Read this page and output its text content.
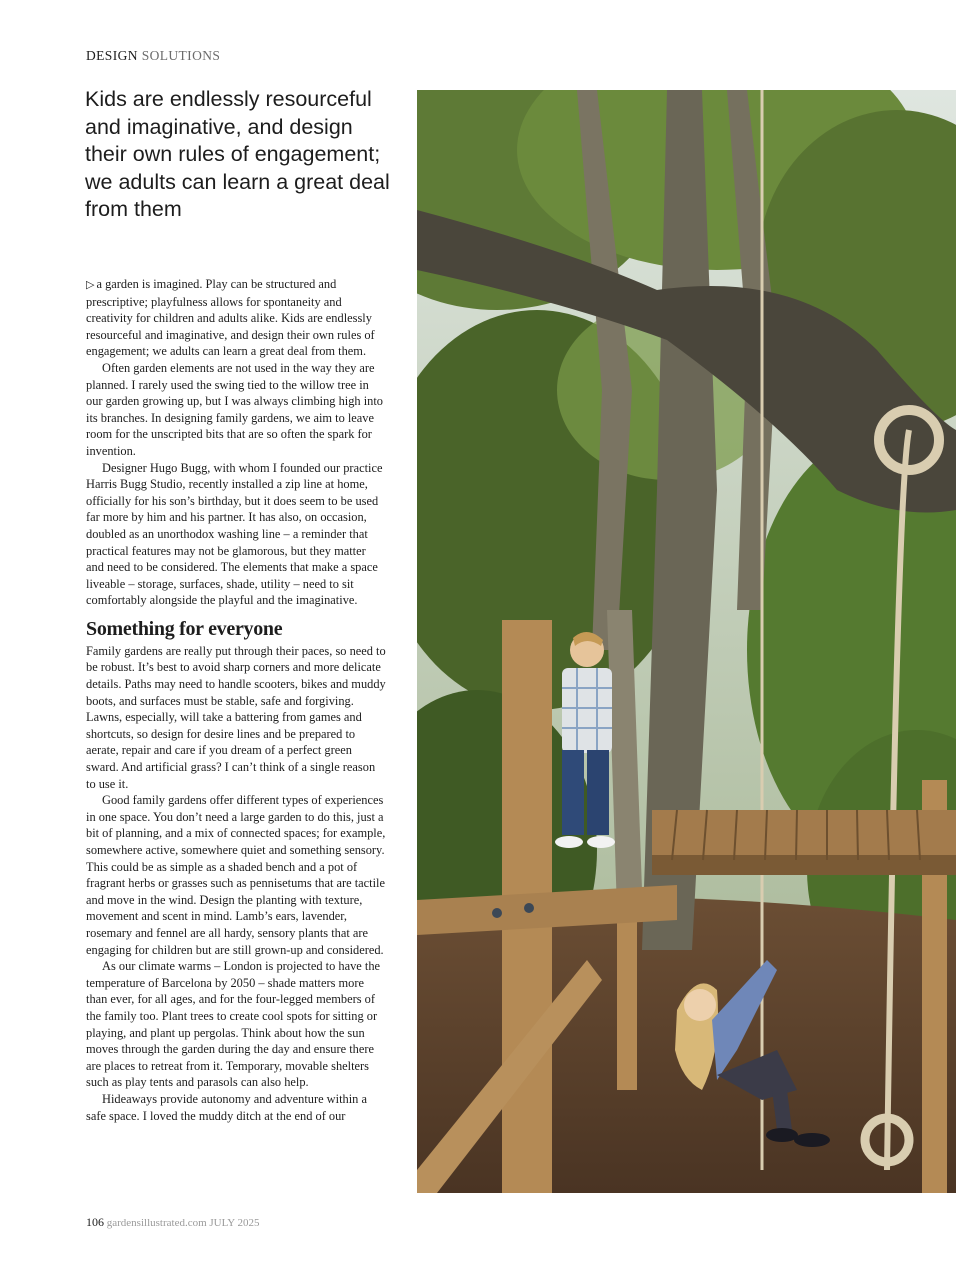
DESIGN SOLUTIONS
Kids are endlessly resourceful and imaginative, and design their own rules of engagement; we adults can learn a great deal from them

▷ a garden is imagined. Play can be structured and prescriptive; playfulness allows for spontaneity and creativity for children and adults alike. Kids are endlessly resourceful and imaginative, and design their own rules of engagement; we adults can learn a great deal from them.

Often garden elements are not used in the way they are planned. I rarely used the swing tied to the willow tree in our garden growing up, but I was always climbing high into its branches. In designing family gardens, we aim to leave room for the unscripted bits that are so often the spark for invention.

Designer Hugo Bugg, with whom I founded our practice Harris Bugg Studio, recently installed a zip line at home, officially for his son’s birthday, but it does seem to be used far more by him and his partner. It has also, on occasion, doubled as an unorthodox washing line – a reminder that practical features may not be glamorous, but they matter and need to be considered. The elements that make a space liveable – storage, surfaces, shade, utility – need to sit comfortably alongside the playful and the imaginative.

Something for everyone

Family gardens are really put through their paces, so need to be robust. It’s best to avoid sharp corners and more delicate details. Paths may need to handle scooters, bikes and muddy boots, and surfaces must be stable, safe and forgiving. Lawns, especially, will take a battering from games and shortcuts, so design for desire lines and be prepared to aerate, repair and care if you dream of a perfect green sward. And artificial grass? I can’t think of a single reason to use it.

Good family gardens offer different types of experiences in one space. You don’t need a large garden to do this, just a bit of planning, and a mix of connected spaces; for example, somewhere active, somewhere quiet and something sensory. This could be as simple as a shaded bench and a pot of fragrant herbs or grasses such as pennisetums that are tactile and move in the wind. Design the planting with texture, movement and scent in mind. Lamb’s ears, lavender, rosemary and fennel are all hardy, sensory plants that are engaging for children but are still grown-up and considered.

As our climate warms – London is projected to have the temperature of Barcelona by 2050 – shade matters more than ever, for all ages, and for the four-legged members of the family too. Plant trees to create cool spots for sitting or playing, and plant up pergolas. Think about how the sun moves through the garden during the day and ensure there are places to retreat from it. Temporary, movable shelters such as play tents and parasols can also help.

Hideaways provide autonomy and adventure within a safe space. I loved the muddy ditch at the end of our

106 gardensillustrated.com JULY 2025
